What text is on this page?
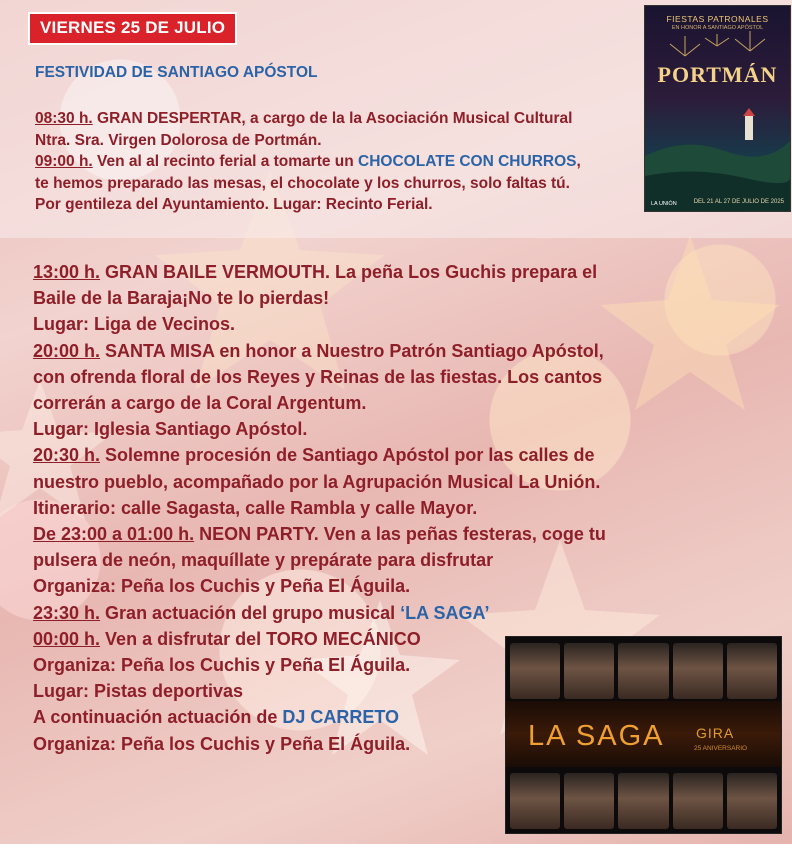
VIERNES 25 DE JULIO
FESTIVIDAD DE SANTIAGO APÓSTOL
08:30 h. GRAN DESPERTAR, a cargo de la la Asociación Musical Cultural
Ntra. Sra. Virgen Dolorosa de Portmán.
09:00 h. Ven al al recinto ferial a tomarte un CHOCOLATE CON CHURROS,
te hemos preparado las mesas, el chocolate y los churros, solo faltas tú.
Por gentileza del Ayuntamiento. Lugar: Recinto Ferial.
FIESTAS PATRONALES
EN HONOR A SANTIAGO APÓSTOL
PORTMÁN
LA UNIÓN	DEL 21 AL 27 DE JULIO DE 2025
13:00 h. GRAN BAILE VERMOUTH. La peña Los Guchis prepara el
Baile de la Baraja¡No te lo pierdas!
Lugar: Liga de Vecinos.
20:00 h. SANTA MISA en honor a Nuestro Patrón Santiago Apóstol,
con ofrenda floral de los Reyes y Reinas de las fiestas. Los cantos
correrán a cargo de la Coral Argentum.
Lugar: Iglesia Santiago Apóstol.
20:30 h. Solemne procesión de Santiago Apóstol por las calles de
nuestro pueblo, acompañado por la Agrupación Musical La Unión.
Itinerario: calle Sagasta, calle Rambla y calle Mayor.
De 23:00 a 01:00 h. NEON PARTY. Ven a las peñas festeras, coge tu
pulsera de neón, maquíllate y prepárate para disfrutar
Organiza: Peña los Cuchis y Peña El Águila.
23:30 h. Gran actuación del grupo musical ‘LA SAGA’
00:00 h. Ven a disfrutar del TORO MECÁNICO
Organiza: Peña los Cuchis y Peña El Águila.
Lugar: Pistas deportivas
A continuación actuación de DJ CARRETO
Organiza: Peña los Cuchis y Peña El Águila.	LA SAGA GIRA
25 ANIVERSARIO
